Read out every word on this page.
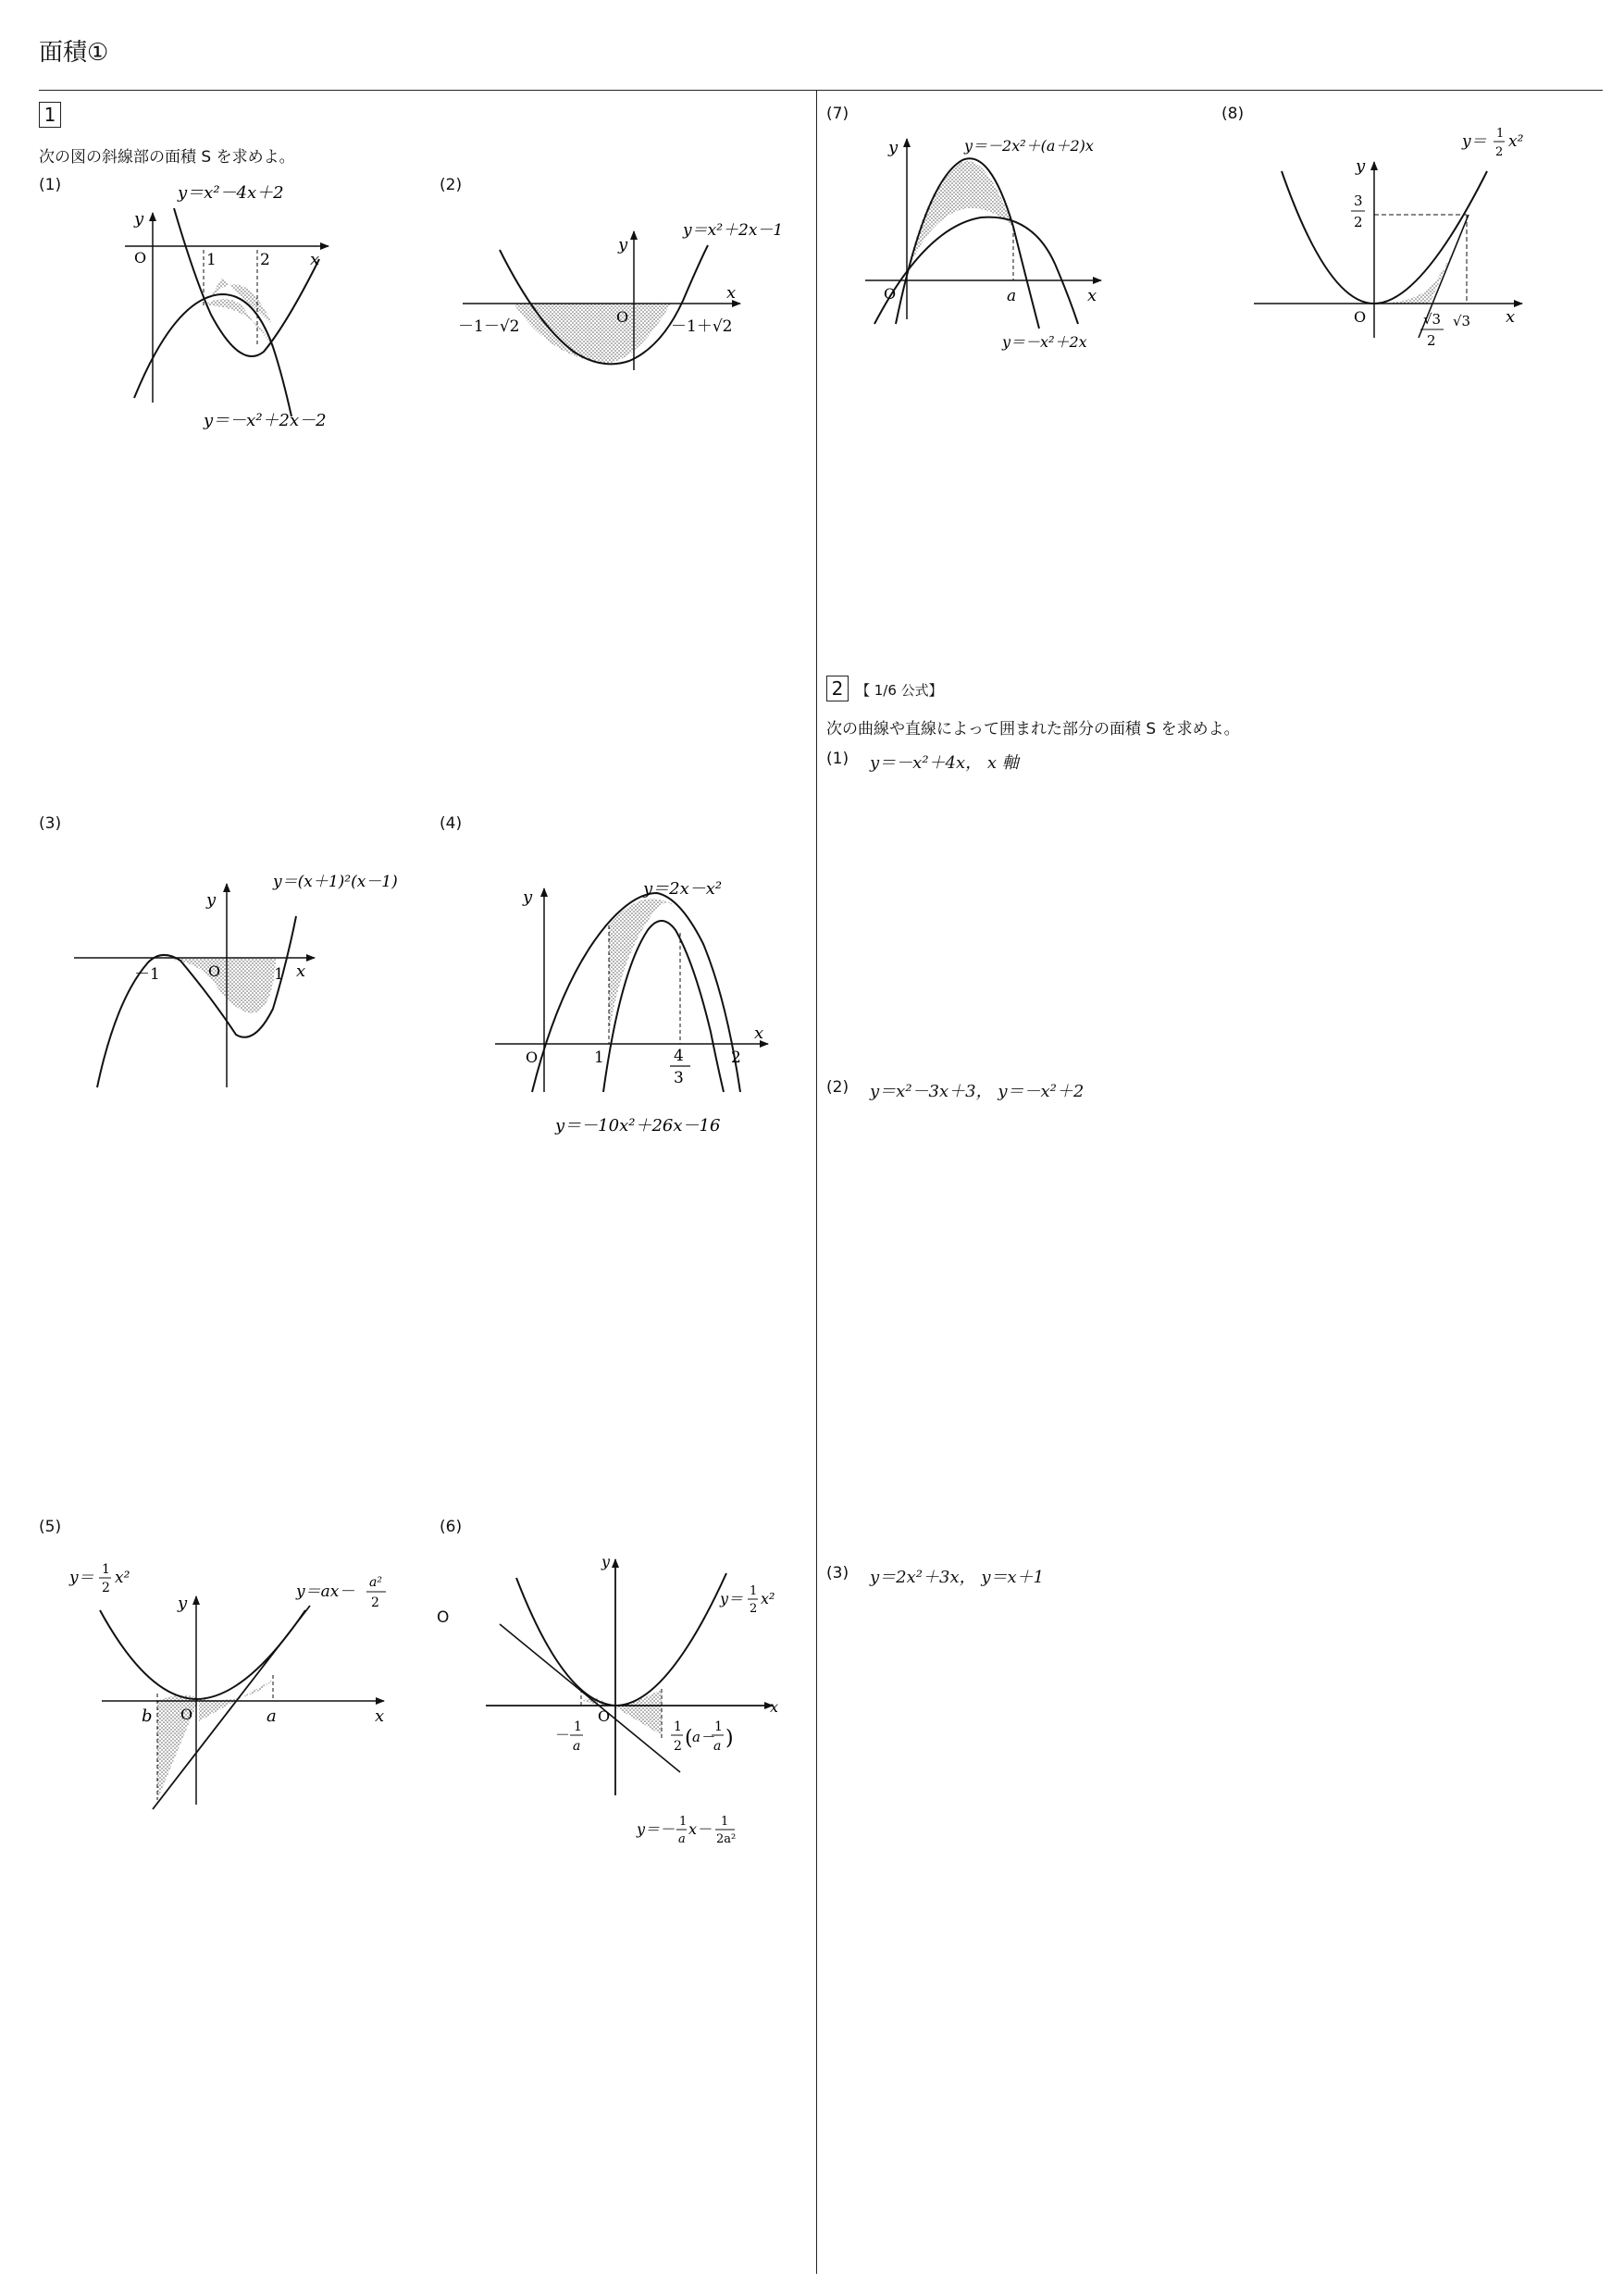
面積①
1
次の図の斜線部の面積 S を求めよ。
(1)
O	1	2 x
y
y＝x²－4x＋2
y＝－x²＋2x－2
(2)
y
x
O
－1－√2	－1＋√2
y＝x²＋2x－1
(3)
y
x
O
－1	1
y＝(x＋1)²(x－1)
(4)
y
x
O	1	2
4
3
y＝2x－x²
y＝－10x²＋26x－16
(5)
y
x
O
b	a
y＝ 1
2
x²
y＝ax－ a²
2
(6)
O
y
x
O
y＝ 1
2
x²
－ 1
a
1
2 ( a－
1
a )
y＝－ 1
a
x－ 1
2a²
(7)
y
x
O	a
y＝－2x²＋(a＋2)x
y＝－x²＋2x
(8)
y
x
O
3
2
√3
2
√3
y＝ 1
2
x²
2 【 1/6 公式】
次の曲線や直線によって囲まれた部分の面積 S を求めよ。
(1) y＝－x²＋4x， x 軸
(2) y＝x²－3x＋3， y＝－x²＋2
(3) y＝2x²＋3x， y＝x＋1
